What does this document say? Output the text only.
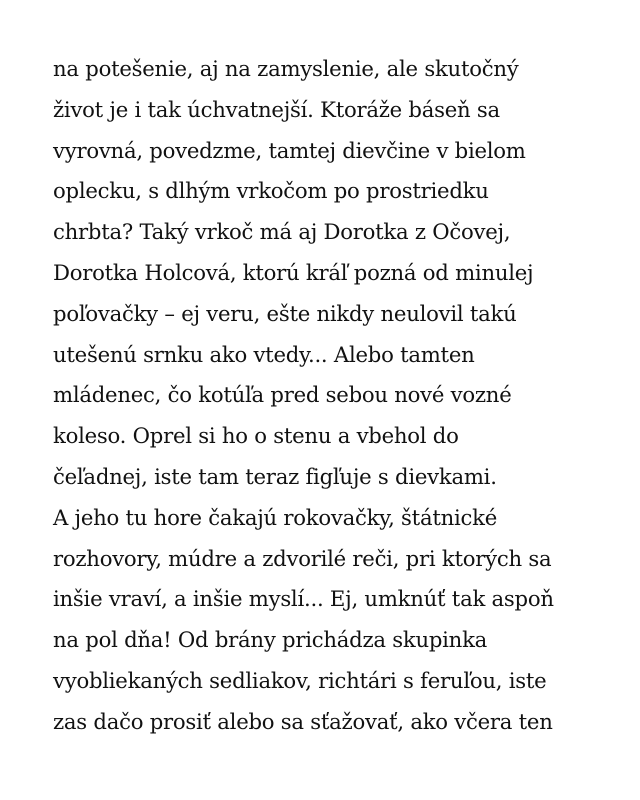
na potešenie, aj na zamyslenie, ale skutočný
život je i tak úchvatnejší. Ktoráže báseň sa
vyrovná, povedzme, tamtej dievčine v bielom
oplecku, s dlhým vrkočom po prostriedku
chrbta? Taký vrkoč má aj Dorotka z Očovej,
Dorotka Holcová, ktorú kráľ pozná od minulej
poľovačky – ej veru, ešte nikdy neulovil takú
utešenú srnku ako vtedy... Alebo tamten
mládenec, čo kotúľa pred sebou nové vozné
koleso. Oprel si ho o stenu a vbehol do
čeľadnej, iste tam teraz figľuje s dievkami.
A jeho tu hore čakajú rokovačky, štátnické
rozhovory, múdre a zdvorilé reči, pri ktorých sa
inšie vraví, a inšie myslí... Ej, umknúť tak aspoň
na pol dňa! Od brány prichádza skupinka
vyobliekaných sedliakov, richtári s feruľou, iste
zas dačo prosiť alebo sa sťažovať, ako včera ten
